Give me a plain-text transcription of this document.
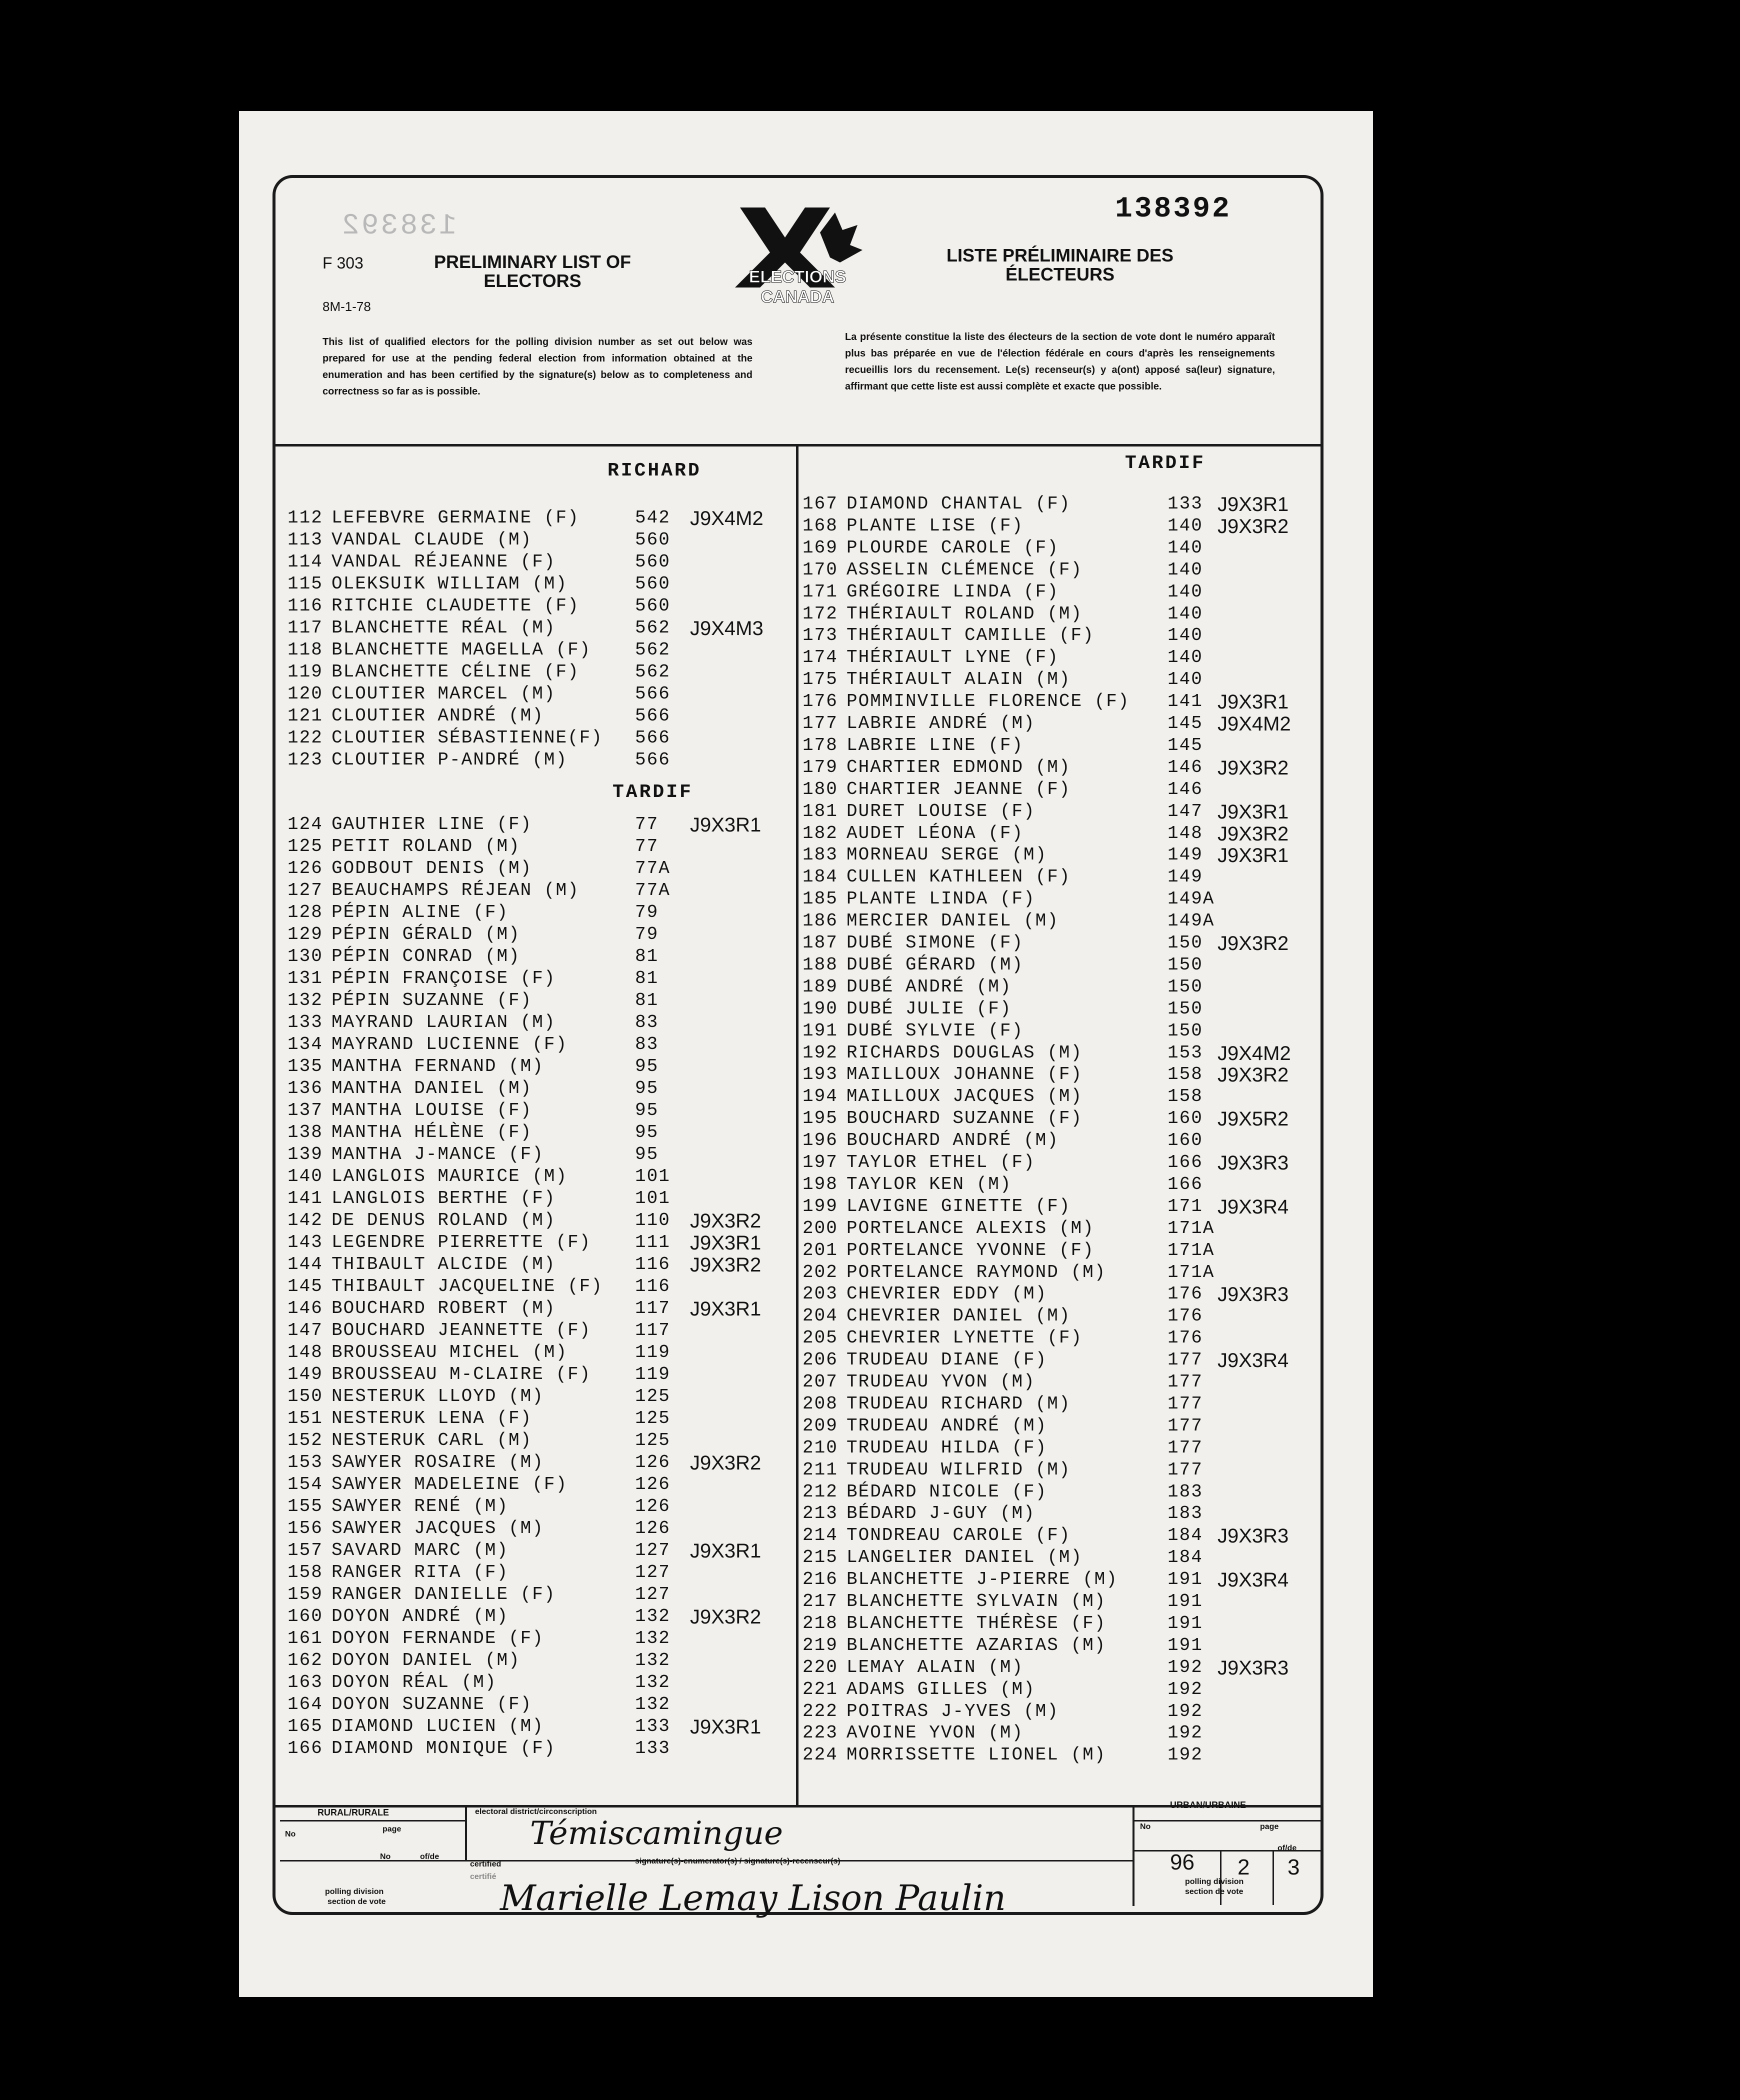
138392
138392
F 303
8M-1-78
PRELIMINARY LIST OF ELECTORS
LISTE PRÉLIMINAIRE DES ÉLECTEURS
ELECTIONS
CANADA
This list of qualified electors for the polling division number as set out below was prepared for use at the pending federal election from information obtained at the enumeration and has been certified by the signature(s) below as to completeness and correctness so far as is possible.
La présente constitue la liste des électeurs de la section de vote dont le numéro apparaît plus bas préparée en vue de l'élection fédérale en cours d'après les renseignements recueillis lors du recensement. Le(s) recenseur(s) y a(ont) apposé sa(leur) signature, affirmant que cette liste est aussi complète et exacte que possible.
RICHARD
112 LEFEBVRE GERMAINE (F)	542 J9X4M2
113 VANDAL CLAUDE (M)	560
114 VANDAL RÉJEANNE (F)	560
115 OLEKSUIK WILLIAM (M)	560
116 RITCHIE CLAUDETTE (F)	560
117 BLANCHETTE RÉAL (M)	562 J9X4M3
118 BLANCHETTE MAGELLA (F) 562
119 BLANCHETTE CÉLINE (F)	562
120 CLOUTIER MARCEL (M)	566
121 CLOUTIER ANDRÉ (M)	566
122 CLOUTIER SÉBASTIENNE(F) 566
123 CLOUTIER P-ANDRÉ (M)	566
TARDIF
124 GAUTHIER LINE (F)	77 J9X3R1
125 PETIT ROLAND (M)	77
126 GODBOUT DENIS (M)	77A
127 BEAUCHAMPS RÉJEAN (M)	77A
128 PÉPIN ALINE (F)	79
129 PÉPIN GÉRALD (M)	79
130 PÉPIN CONRAD (M)	81
131 PÉPIN FRANÇOISE (F)	81
132 PÉPIN SUZANNE (F)	81
133 MAYRAND LAURIAN (M)	83
134 MAYRAND LUCIENNE (F)	83
135 MANTHA FERNAND (M)	95
136 MANTHA DANIEL (M)	95
137 MANTHA LOUISE (F)	95
138 MANTHA HÉLÈNE (F)	95
139 MANTHA J-MANCE (F)	95
140 LANGLOIS MAURICE (M)	101
141 LANGLOIS BERTHE (F)	101
142 DE DENUS ROLAND (M)	110 J9X3R2
143 LEGENDRE PIERRETTE (F) 111 J9X3R1
144 THIBAULT ALCIDE (M)	116 J9X3R2
145 THIBAULT JACQUELINE (F) 116
146 BOUCHARD ROBERT (M)	117 J9X3R1
147 BOUCHARD JEANNETTE (F) 117
148 BROUSSEAU MICHEL (M)	119
149 BROUSSEAU M-CLAIRE (F) 119
150 NESTERUK LLOYD (M)	125
151 NESTERUK LENA (F)	125
152 NESTERUK CARL (M)	125
153 SAWYER ROSAIRE (M)	126 J9X3R2
154 SAWYER MADELEINE (F)	126
155 SAWYER RENÉ (M)	126
156 SAWYER JACQUES (M)	126
157 SAVARD MARC (M)	127 J9X3R1
158 RANGER RITA (F)	127
159 RANGER DANIELLE (F)	127
160 DOYON ANDRÉ (M)	132 J9X3R2
161 DOYON FERNANDE (F)	132
162 DOYON DANIEL (M)	132
163 DOYON RÉAL (M)	132
164 DOYON SUZANNE (F)	132
165 DIAMOND LUCIEN (M)	133 J9X3R1
166 DIAMOND MONIQUE (F)	133
TARDIF
167 DIAMOND CHANTAL (F)	133 J9X3R1
168 PLANTE LISE (F)	140 J9X3R2
169 PLOURDE CAROLE (F)	140
170 ASSELIN CLÉMENCE (F)	140
171 GRÉGOIRE LINDA (F)	140
172 THÉRIAULT ROLAND (M)	140
173 THÉRIAULT CAMILLE (F)	140
174 THÉRIAULT LYNE (F)	140
175 THÉRIAULT ALAIN (M)	140
176 POMMINVILLE FLORENCE (F) 141 J9X3R1
177 LABRIE ANDRÉ (M)	145 J9X4M2
178 LABRIE LINE (F)	145
179 CHARTIER EDMOND (M)	146 J9X3R2
180 CHARTIER JEANNE (F)	146
181 DURET LOUISE (F)	147 J9X3R1
182 AUDET LÉONA (F)	148 J9X3R2
183 MORNEAU SERGE (M)	149 J9X3R1
184 CULLEN KATHLEEN (F)	149
185 PLANTE LINDA (F)	149A
186 MERCIER DANIEL (M)	149A
187 DUBÉ SIMONE (F)	150 J9X3R2
188 DUBÉ GÉRARD (M)	150
189 DUBÉ ANDRÉ (M)	150
190 DUBÉ JULIE (F)	150
191 DUBÉ SYLVIE (F)	150
192 RICHARDS DOUGLAS (M)	153 J9X4M2
193 MAILLOUX JOHANNE (F)	158 J9X3R2
194 MAILLOUX JACQUES (M)	158
195 BOUCHARD SUZANNE (F)	160 J9X5R2
196 BOUCHARD ANDRÉ (M)	160
197 TAYLOR ETHEL (F)	166 J9X3R3
198 TAYLOR KEN (M)	166
199 LAVIGNE GINETTE (F)	171 J9X3R4
200 PORTELANCE ALEXIS (M)	171A
201 PORTELANCE YVONNE (F)	171A
202 PORTELANCE RAYMOND (M)	171A
203 CHEVRIER EDDY (M)	176 J9X3R3
204 CHEVRIER DANIEL (M)	176
205 CHEVRIER LYNETTE (F)	176
206 TRUDEAU DIANE (F)	177 J9X3R4
207 TRUDEAU YVON (M)	177
208 TRUDEAU RICHARD (M)	177
209 TRUDEAU ANDRÉ (M)	177
210 TRUDEAU HILDA (F)	177
211 TRUDEAU WILFRID (M)	177
212 BÉDARD NICOLE (F)	183
213 BÉDARD J-GUY (M)	183
214 TONDREAU CAROLE (F)	184 J9X3R3
215 LANGELIER DANIEL (M)	184
216 BLANCHETTE J-PIERRE (M)	191 J9X3R4
217 BLANCHETTE SYLVAIN (M)	191
218 BLANCHETTE THÉRÈSE (F)	191
219 BLANCHETTE AZARIAS (M)	191
220 LEMAY ALAIN (M)	192 J9X3R3
221 ADAMS GILLES (M)	192
222 POITRAS J-YVES (M)	192
223 AVOINE YVON (M)	192
224 MORRISSETTE LIONEL (M)	192
RURAL/RURALE
URBAN/URBAINE
No
page
No	of/de
No	page
of/de
electoral district/circonscription
Témiscamingue
certified
certifié
signature(s)-enumerator(s) / signature(s)-recenseur(s)
Marielle Lemay Lison Paulin
polling division
section de vote
96 2 3
polling division
section de vote
